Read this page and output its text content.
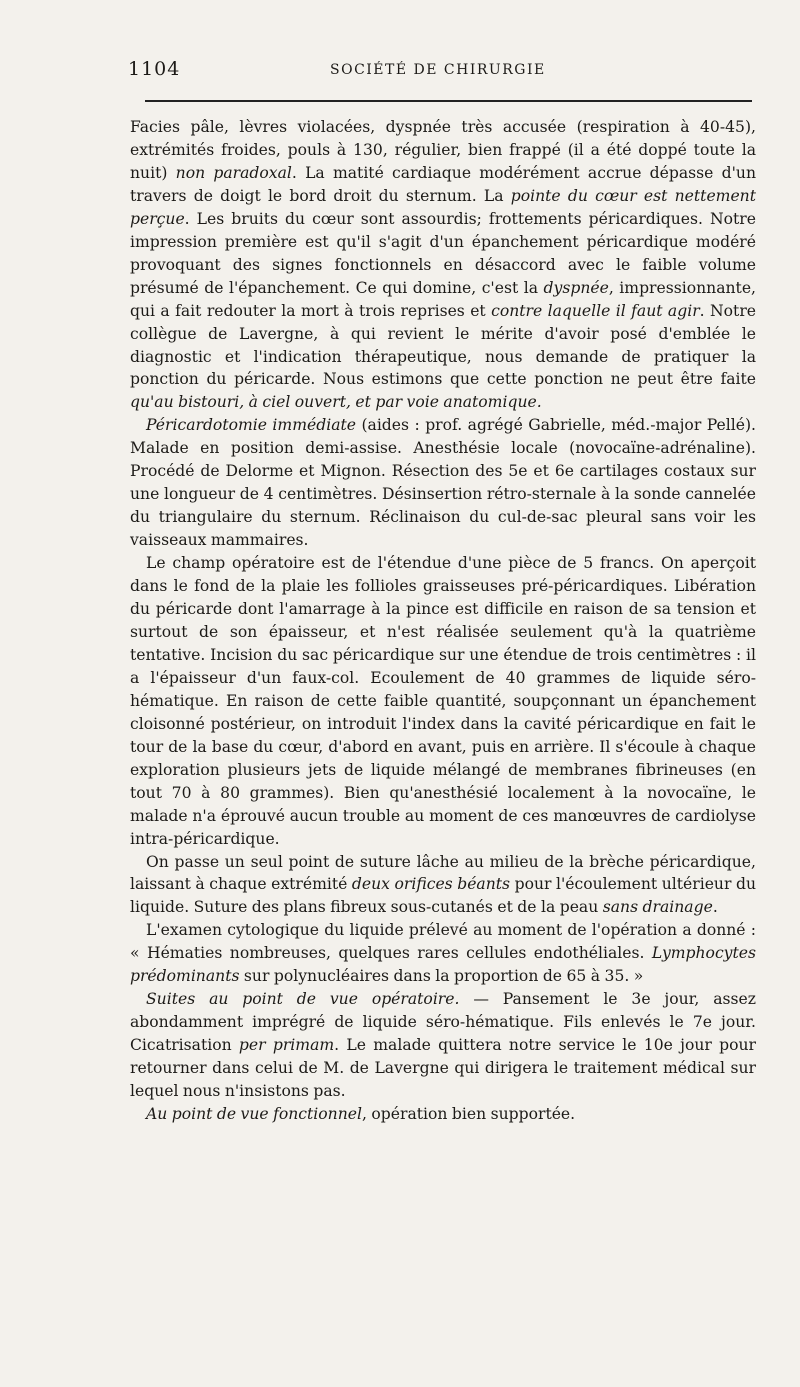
1104	SOCIÉTÉ DE CHIRURGIE

Facies pâle, lèvres violacées, dyspnée très accusée (respiration à 40-45), extrémités froides, pouls à 130, régulier, bien frappé (il a été doppé toute la nuit) non paradoxal. La matité cardiaque modérément accrue dépasse d'un travers de doigt le bord droit du sternum. La pointe du cœur est nettement perçue. Les bruits du cœur sont assourdis; frottements péricardiques. Notre impression première est qu'il s'agit d'un épanchement péricardique modéré provoquant des signes fonctionnels en désaccord avec le faible volume présumé de l'épanchement. Ce qui domine, c'est la dyspnée, impressionnante, qui a fait redouter la mort à trois reprises et contre laquelle il faut agir. Notre collègue de Lavergne, à qui revient le mérite d'avoir posé d'emblée le diagnostic et l'indication thérapeutique, nous demande de pratiquer la ponction du péricarde. Nous estimons que cette ponction ne peut être faite qu'au bistouri, à ciel ouvert, et par voie anatomique.

Péricardotomie immédiate (aides : prof. agrégé Gabrielle, méd.-major Pellé). Malade en position demi-assise. Anesthésie locale (novocaïne-adrénaline). Procédé de Delorme et Mignon. Résection des 5e et 6e cartilages costaux sur une longueur de 4 centimètres. Désinsertion rétro-sternale à la sonde cannelée du triangulaire du sternum. Réclinaison du cul-de-sac pleural sans voir les vaisseaux mammaires.

Le champ opératoire est de l'étendue d'une pièce de 5 francs. On aperçoit dans le fond de la plaie les follioles graisseuses pré-péricardiques. Libération du péricarde dont l'amarrage à la pince est difficile en raison de sa tension et surtout de son épaisseur, et n'est réalisée seulement qu'à la quatrième tentative. Incision du sac péricardique sur une étendue de trois centimètres : il a l'épaisseur d'un faux-col. Ecoulement de 40 grammes de liquide séro-hématique. En raison de cette faible quantité, soupçonnant un épanchement cloisonné postérieur, on introduit l'index dans la cavité péricardique en fait le tour de la base du cœur, d'abord en avant, puis en arrière. Il s'écoule à chaque exploration plusieurs jets de liquide mélangé de membranes fibrineuses (en tout 70 à 80 grammes). Bien qu'anesthésié localement à la novocaïne, le malade n'a éprouvé aucun trouble au moment de ces manœuvres de cardiolyse intra-péricardique.

On passe un seul point de suture lâche au milieu de la brèche péricardique, laissant à chaque extrémité deux orifices béants pour l'écoulement ultérieur du liquide. Suture des plans fibreux sous-cutanés et de la peau sans drainage.

L'examen cytologique du liquide prélevé au moment de l'opération a donné : « Hématies nombreuses, quelques rares cellules endothéliales. Lymphocytes prédominants sur polynucléaires dans la proportion de 65 à 35. »

Suites au point de vue opératoire. — Pansement le 3e jour, assez abondamment imprégré de liquide séro-hématique. Fils enlevés le 7e jour. Cicatrisation per primam. Le malade quittera notre service le 10e jour pour retourner dans celui de M. de Lavergne qui dirigera le traitement médical sur lequel nous n'insistons pas.

Au point de vue fonctionnel, opération bien supportée.
